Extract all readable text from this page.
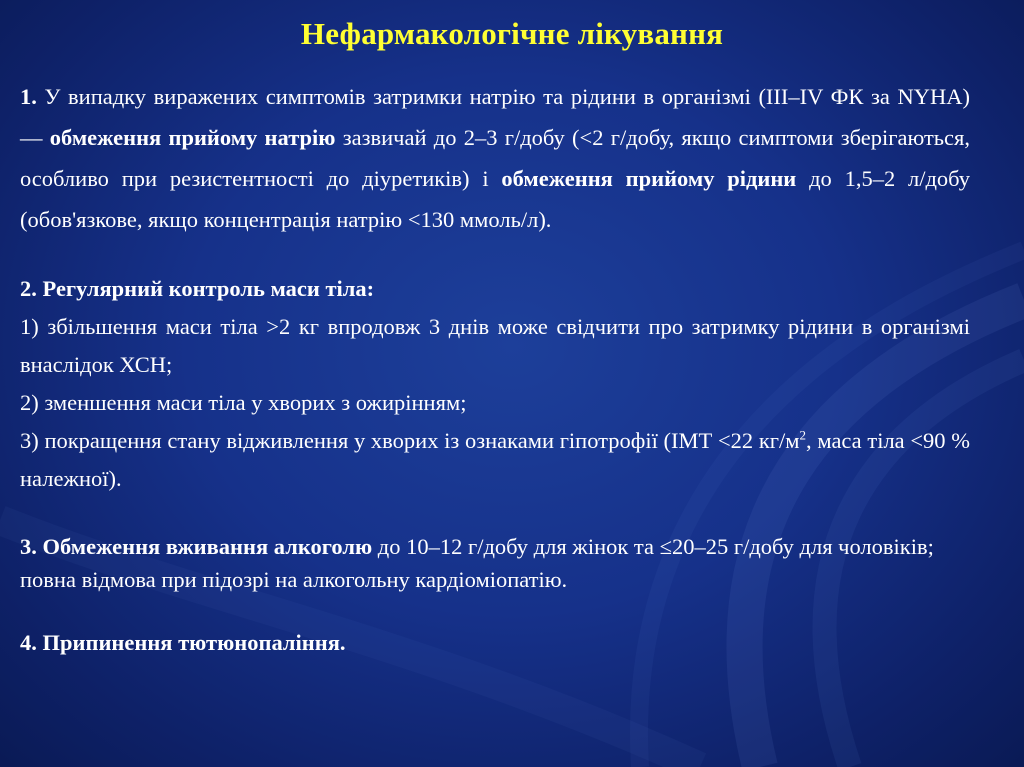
Нефармакологічне лікування

1. У випадку виражених симптомів затримки натрію та рідини в організмі (III–IV ФК за NYHA) — обмеження прийому натрію зазвичай до 2–3 г/добу (<2 г/добу, якщо симптоми зберігаються, особливо при резистентності до діуретиків) і обмеження прийому рідини до 1,5–2 л/добу (обов'язкове, якщо концентрація натрію <130 ммоль/л).

2. Регулярний контроль маси тіла:

1) збільшення маси тіла >2 кг впродовж 3 днів може свідчити про затримку рідини в організмі внаслідок ХСН;

2) зменшення маси тіла у хворих з ожирінням;

3) покращення стану відживлення у хворих із ознаками гіпотрофії (ІМТ <22 $кг/м^2$, маса тіла <90 % належної).

3. Обмеження вживання алкоголю до 10–12 г/добу для жінок та ≤20–25 г/добу для чоловіків; повна відмова при підозрі на алкогольну кардіоміопатію.

4. Припинення тютюнопаління.
